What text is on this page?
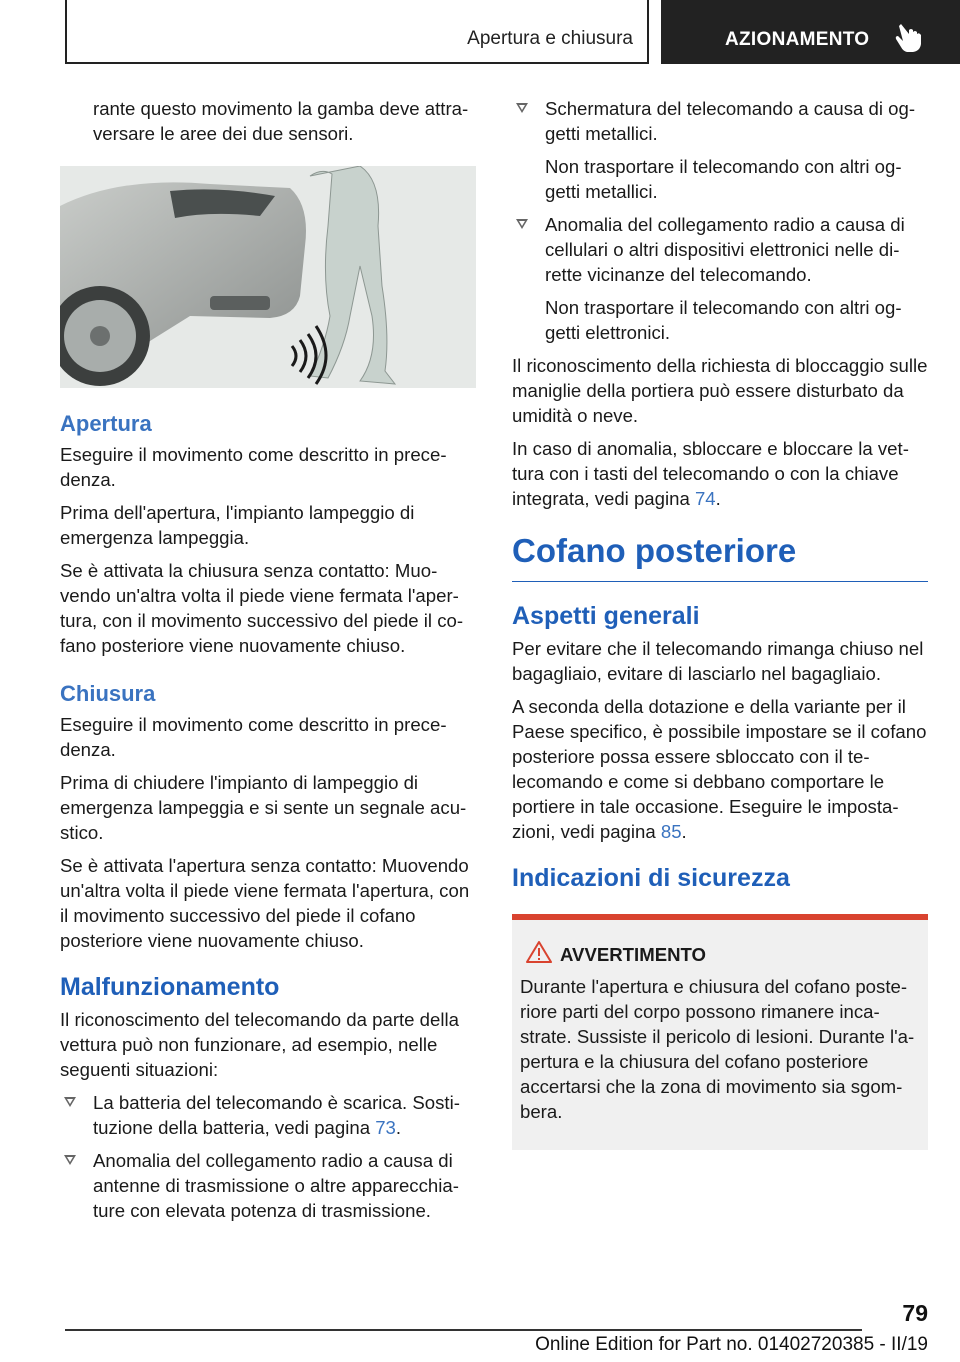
Apertura e chiusura	AZIONAMENTO

rante questo movimento la gamba deve attraversare le aree dei due sensori.

Apertura

Eseguire il movimento come descritto in precedenza.

Prima dell'apertura, l'impianto lampeggio di emergenza lampeggia.

Se è attivata la chiusura senza contatto: Muovendo un'altra volta il piede viene fermata l'apertura, con il movimento successivo del piede il cofano posteriore viene nuovamente chiuso.

Chiusura

Eseguire il movimento come descritto in precedenza.

Prima di chiudere l'impianto di lampeggio di emergenza lampeggia e si sente un segnale acustico.

Se è attivata l'apertura senza contatto: Muovendo un'altra volta il piede viene fermata l'apertura, con il movimento successivo del piede il cofano posteriore viene nuovamente chiuso.

Malfunzionamento

Il riconoscimento del telecomando da parte della vettura può non funzionare, ad esempio, nelle seguenti situazioni:

La batteria del telecomando è scarica. Sostituzione della batteria, vedi pagina 73.
Anomalia del collegamento radio a causa di antenne di trasmissione o altre apparecchiature con elevata potenza di trasmissione.
Schermatura del telecomando a causa di oggetti metallici.

Non trasportare il telecomando con altri oggetti metallici.

Anomalia del collegamento radio a causa di cellulari o altri dispositivi elettronici nelle dirette vicinanze del telecomando.

Non trasportare il telecomando con altri oggetti elettronici.

Il riconoscimento della richiesta di bloccaggio sulle maniglie della portiera può essere disturbato da umidità o neve.

In caso di anomalia, sbloccare e bloccare la vettura con i tasti del telecomando o con la chiave integrata, vedi pagina 74.

Cofano posteriore
Aspetti generali

Per evitare che il telecomando rimanga chiuso nel bagagliaio, evitare di lasciarlo nel bagagliaio.

A seconda della dotazione e della variante per il Paese specifico, è possibile impostare se il cofano posteriore possa essere sbloccato con il telecomando e come si debbano comportare le portiere in tale occasione. Eseguire le impostazioni, vedi pagina 85.

Indicazioni di sicurezza
AVVERTIMENTO

Durante l'apertura e chiusura del cofano posteriore parti del corpo possono rimanere incastrate. Sussiste il pericolo di lesioni. Durante l'apertura e la chiusura del cofano posteriore accertarsi che la zona di movimento sia sgombera.

79
Online Edition for Part no. 01402720385 - II/19
